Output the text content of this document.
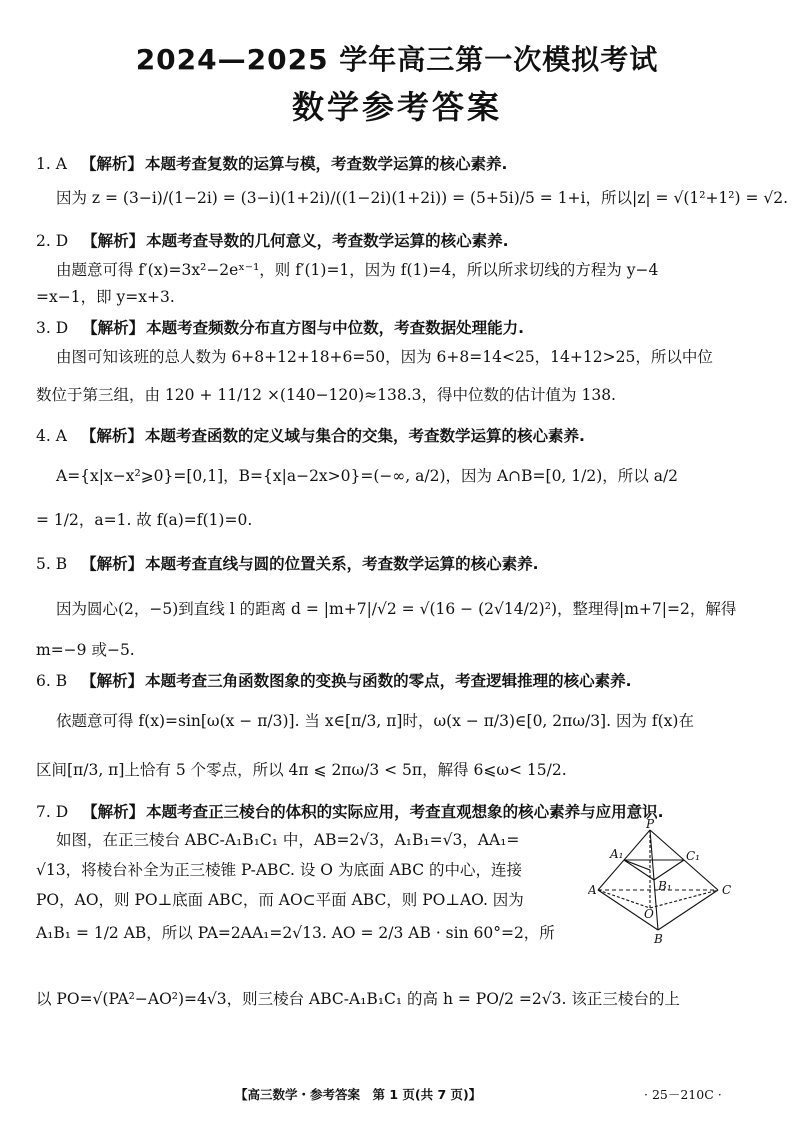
2024—2025 学年高三第一次模拟考试
数学参考答案
1. A 【解析】 本题考查复数的运算与模，考查数学运算的核心素养.
因为 z = (3−i)/(1−2i) = (3−i)(1+2i)/((1−2i)(1+2i)) = (5+5i)/5 = 1+i，所以|z| = √(1²+1²) = √2.
2. D 【解析】 本题考查导数的几何意义，考查数学运算的核心素养.
由题意可得 f′(x)=3x²−2eˣ⁻¹，则 f′(1)=1，因为 f(1)=4，所以所求切线的方程为 y−4
=x−1，即 y=x+3.
3. D 【解析】 本题考查频数分布直方图与中位数，考查数据处理能力.
由图可知该班的总人数为 6+8+12+18+6=50，因为 6+8=14<25，14+12>25，所以中位
数位于第三组，由 120 + 11/12 ×(140−120)≈138.3，得中位数的估计值为 138.
4. A 【解析】 本题考查函数的定义域与集合的交集，考查数学运算的核心素养.
A={x|x−x²⩾0}=[0,1]，B={x|a−2x>0}=(−∞, a/2)，因为 A∩B=[0, 1/2)，所以 a/2
= 1/2，a=1. 故 f(a)=f(1)=0.
5. B 【解析】 本题考查直线与圆的位置关系，考查数学运算的核心素养.
因为圆心(2，−5)到直线 l 的距离 d = |m+7|/√2 = √(16 − (2√14/2)²)，整理得|m+7|=2，解得
m=−9 或−5.
6. B 【解析】 本题考查三角函数图象的变换与函数的零点，考查逻辑推理的核心素养.
依题意可得 f(x)=sin[ω(x − π/3)]. 当 x∈[π/3, π]时，ω(x − π/3)∈[0, 2πω/3]. 因为 f(x)在
区间[π/3, π]上恰有 5 个零点，所以 4π ⩽ 2πω/3 < 5π，解得 6⩽ω< 15/2.
7. D 【解析】 本题考查正三棱台的体积的实际应用，考查直观想象的核心素养与应用意识.
如图，在正三棱台 ABC-A₁B₁C₁ 中，AB=2√3，A₁B₁=√3，AA₁=
√13，将棱台补全为正三棱锥 P-ABC. 设 O 为底面 ABC 的中心，连接
PO，AO，则 PO⊥底面 ABC，而 AO⊂平面 ABC，则 PO⊥AO. 因为
A₁B₁ = 1/2 AB，所以 PA=2AA₁=2√13. AO = 2/3 AB · sin 60°=2，所
以 PO=√(PA²−AO²)=4√3，则三棱台 ABC-A₁B₁C₁ 的高 h = PO/2 =2√3. 该正三棱台的上
P
A₁	C₁
B₁
A	C
O
B
【高三数学・参考答案　第 1 页(共 7 页)】	· 25－210C ·
